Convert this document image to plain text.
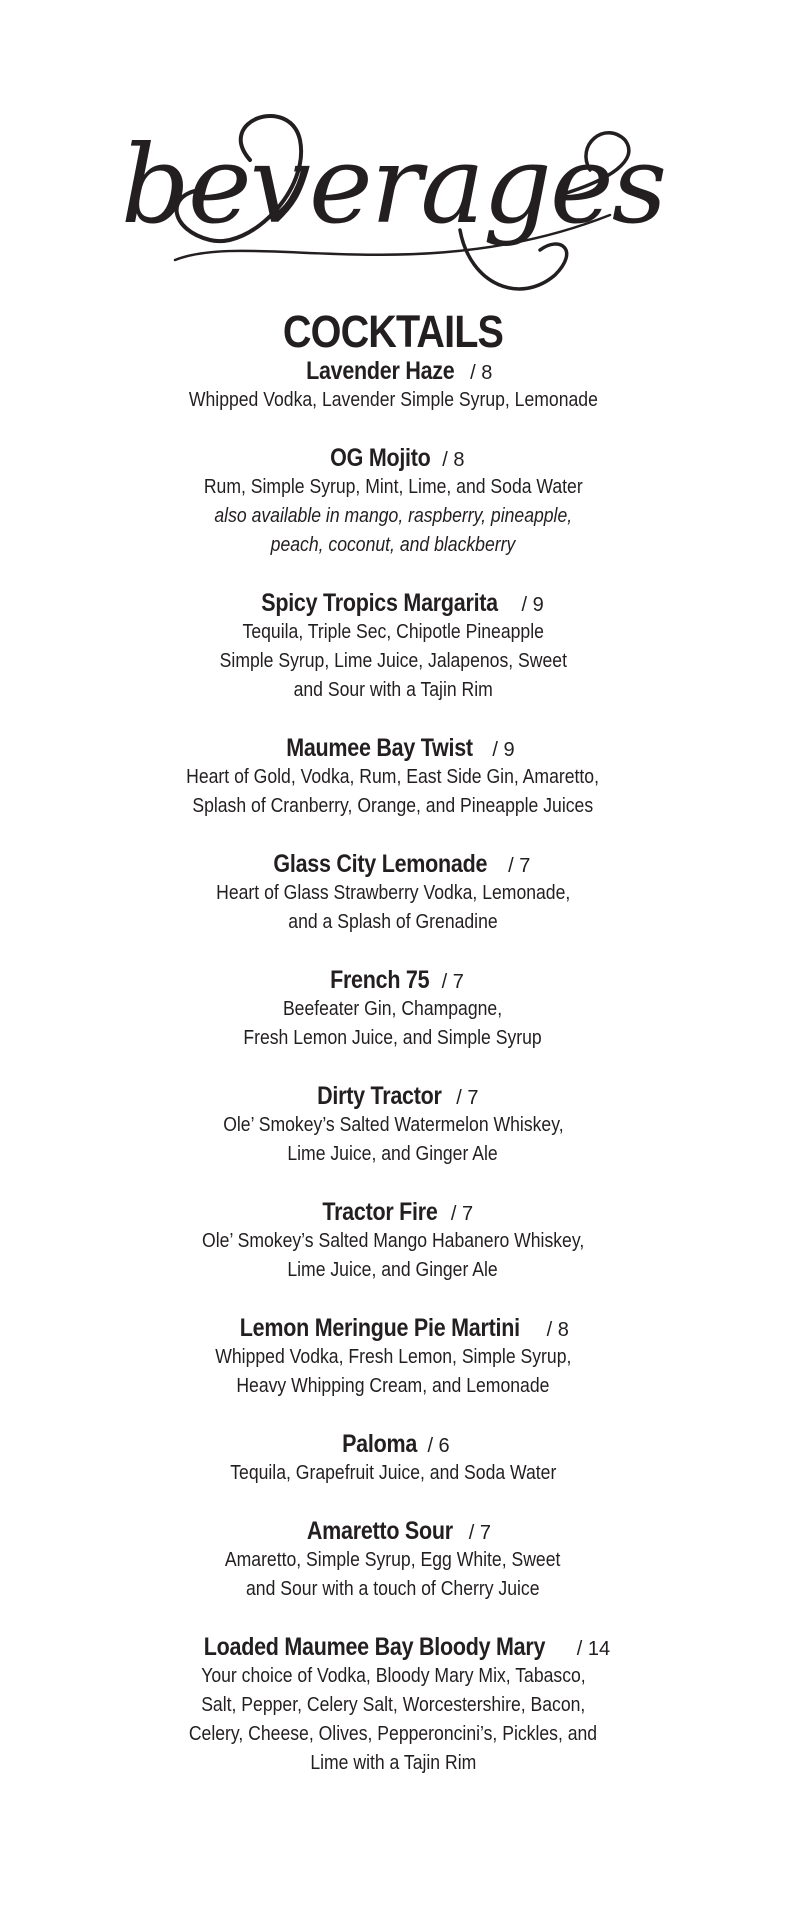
beverages
COCKTAILS
Lavender Haze / 8
Whipped Vodka, Lavender Simple Syrup, Lemonade
OG Mojito / 8
Rum, Simple Syrup, Mint, Lime, and Soda Water
also available in mango, raspberry, pineapple,
peach, coconut, and blackberry
Spicy Tropics Margarita / 9
Tequila, Triple Sec, Chipotle Pineapple
Simple Syrup, Lime Juice, Jalapenos, Sweet
and Sour with a Tajin Rim
Maumee Bay Twist / 9
Heart of Gold, Vodka, Rum, East Side Gin, Amaretto,
Splash of Cranberry, Orange, and Pineapple Juices
Glass City Lemonade / 7
Heart of Glass Strawberry Vodka, Lemonade,
and a Splash of Grenadine
French 75 / 7
Beefeater Gin, Champagne,
Fresh Lemon Juice, and Simple Syrup
Dirty Tractor / 7
Ole’ Smokey’s Salted Watermelon Whiskey,
Lime Juice, and Ginger Ale
Tractor Fire / 7
Ole’ Smokey’s Salted Mango Habanero Whiskey,
Lime Juice, and Ginger Ale
Lemon Meringue Pie Martini / 8
Whipped Vodka, Fresh Lemon, Simple Syrup,
Heavy Whipping Cream, and Lemonade
Paloma / 6
Tequila, Grapefruit Juice, and Soda Water
Amaretto Sour / 7
Amaretto, Simple Syrup, Egg White, Sweet
and Sour with a touch of Cherry Juice
Loaded Maumee Bay Bloody Mary / 14
Your choice of Vodka, Bloody Mary Mix, Tabasco,
Salt, Pepper, Celery Salt, Worcestershire, Bacon,
Celery, Cheese, Olives, Pepperoncini’s, Pickles, and
Lime with a Tajin Rim
